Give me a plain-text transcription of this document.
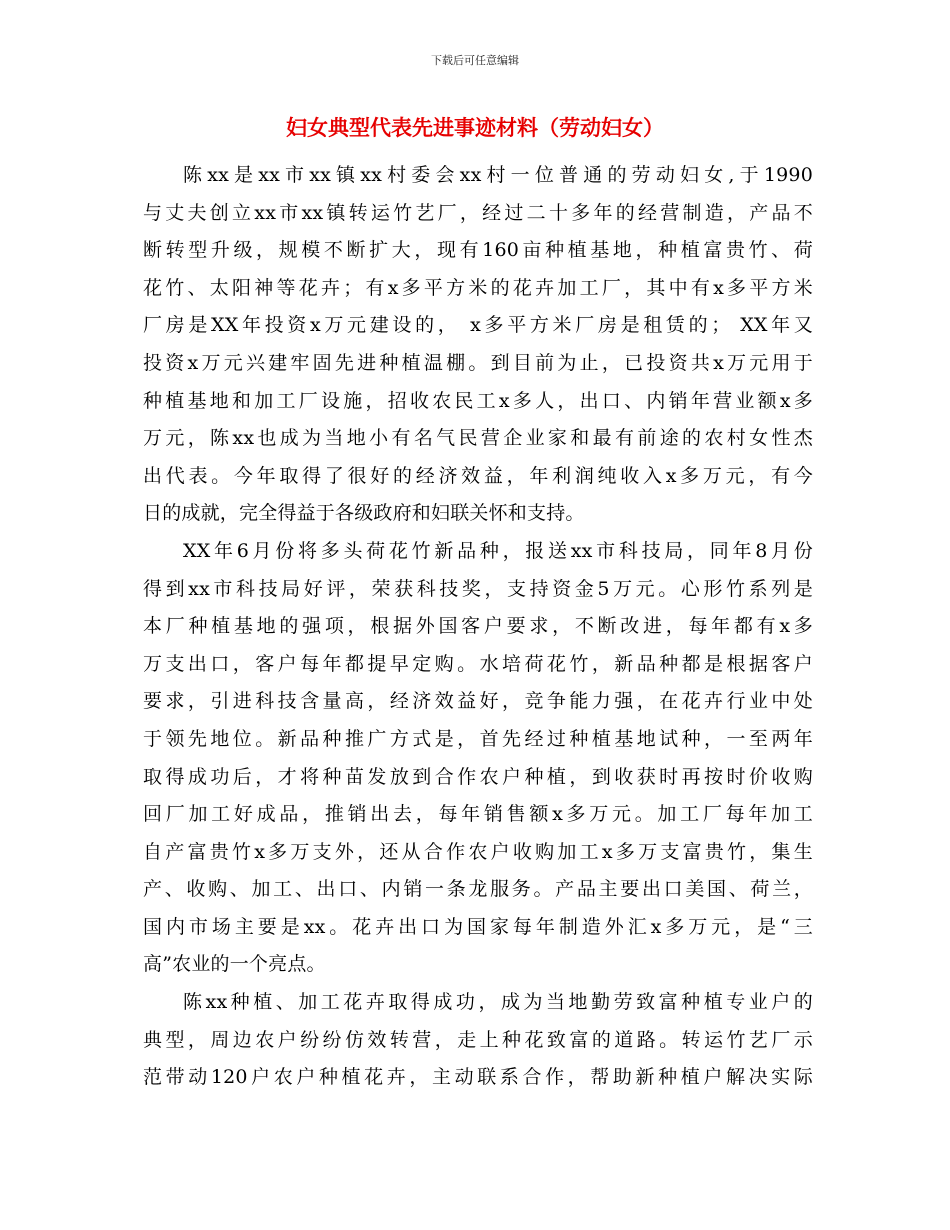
下载后可任意编辑
妇女典型代表先进事迹材料（劳动妇女）
陈xx是xx市xx镇xx村委会xx村一位普通的劳动妇女,于1990
与丈夫创立xx市xx镇转运竹艺厂，经过二十多年的经营制造，产品不
断转型升级，规模不断扩大，现有160亩种植基地，种植富贵竹、荷
花竹、太阳神等花卉；有x多平方米的花卉加工厂，其中有x多平方米
厂房是XX年投资x万元建设的， x多平方米厂房是租赁的； XX年又
投资x万元兴建牢固先进种植温棚。到目前为止，已投资共x万元用于
种植基地和加工厂设施，招收农民工x多人，出口、内销年营业额x多
万元，陈xx也成为当地小有名气民营企业家和最有前途的农村女性杰
出代表。今年取得了很好的经济效益，年利润纯收入x多万元，有今
日的成就，完全得益于各级政府和妇联关怀和支持。
XX年6月份将多头荷花竹新品种，报送xx市科技局，同年8月份
得到xx市科技局好评，荣获科技奖，支持资金5万元。心形竹系列是
本厂种植基地的强项，根据外国客户要求，不断改进，每年都有x多
万支出口，客户每年都提早定购。水培荷花竹，新品种都是根据客户
要求，引进科技含量高，经济效益好，竞争能力强，在花卉行业中处
于领先地位。新品种推广方式是，首先经过种植基地试种，一至两年
取得成功后，才将种苗发放到合作农户种植，到收获时再按时价收购
回厂加工好成品，推销出去，每年销售额x多万元。加工厂每年加工
自产富贵竹x多万支外，还从合作农户收购加工x多万支富贵竹，集生
产、收购、加工、出口、内销一条龙服务。产品主要出口美国、荷兰，
国内市场主要是xx。花卉出口为国家每年制造外汇x多万元，是“三
高”农业的一个亮点。
陈xx种植、加工花卉取得成功，成为当地勤劳致富种植专业户的
典型，周边农户纷纷仿效转营，走上种花致富的道路。转运竹艺厂示
范带动120户农户种植花卉，主动联系合作，帮助新种植户解决实际
